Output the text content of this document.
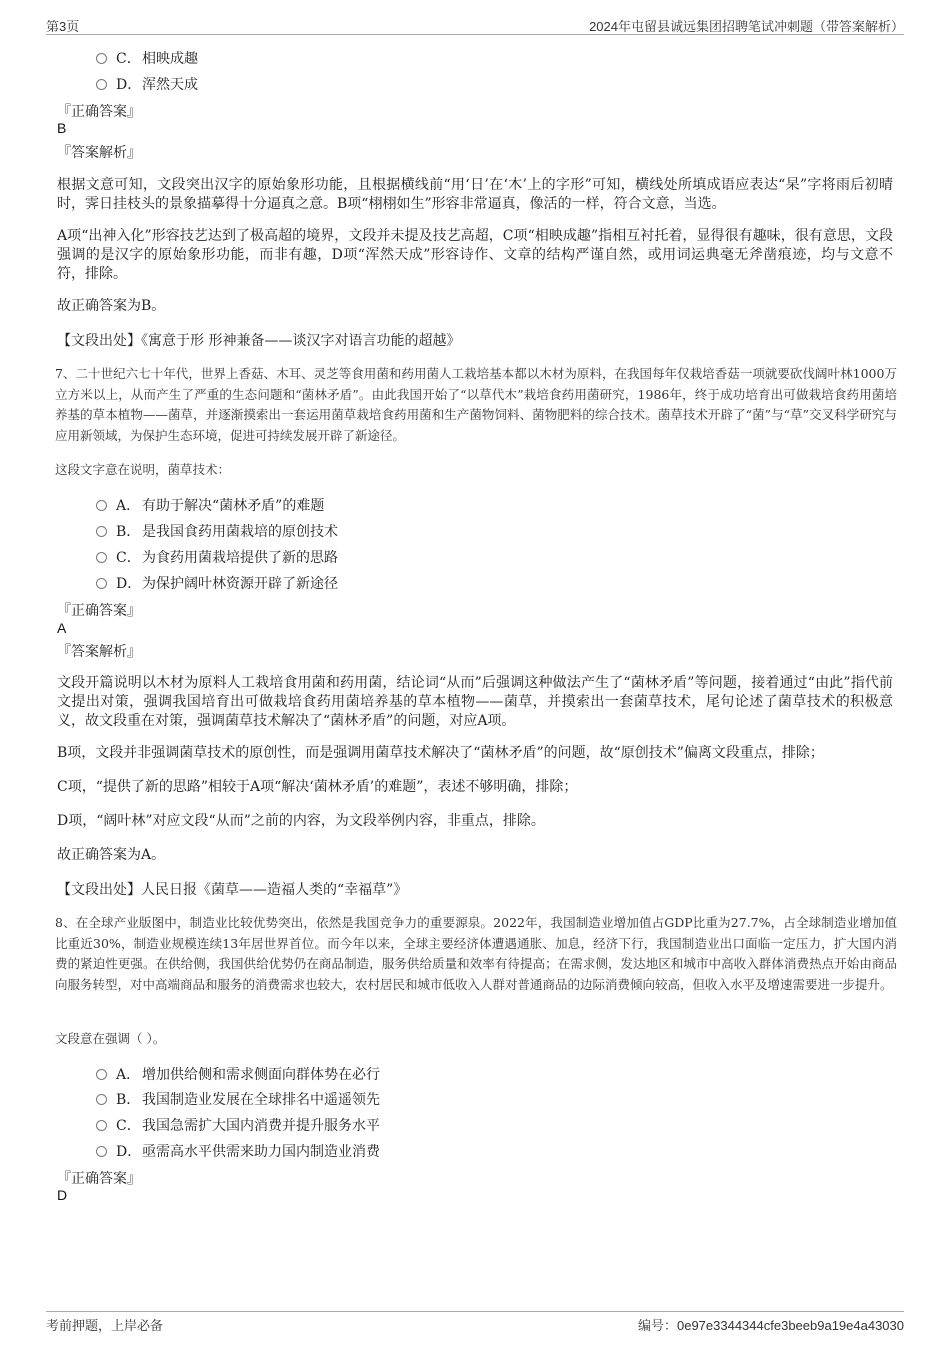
第3页	2024年屯留县诚远集团招聘笔试冲刺题（带答案解析）
C．相映成趣
D．浑然天成
『正确答案』
B
『答案解析』
根据文意可知，文段突出汉字的原始象形功能，且根据横线前“用‘日’在‘木’上的字形”可知，横线处所填成语应表达“杲”字将雨后初晴时，霁日挂枝头的景象描摹得十分逼真之意。B项“栩栩如生”形容非常逼真，像活的一样，符合文意，当选。
A项“出神入化”形容技艺达到了极高超的境界，文段并未提及技艺高超，C项“相映成趣”指相互衬托着，显得很有趣味，很有意思，文段强调的是汉字的原始象形功能，而非有趣，D项“浑然天成”形容诗作、文章的结构严谨自然，或用词运典毫无斧凿痕迹，均与文意不符，排除。
故正确答案为B。
【文段出处】《寓意于形 形神兼备——谈汉字对语言功能的超越》
7、二十世纪六七十年代，世界上香菇、木耳、灵芝等食用菌和药用菌人工栽培基本都以木材为原料，在我国每年仅栽培香菇一项就要砍伐阔叶林1000万立方米以上，从而产生了严重的生态问题和“菌林矛盾”。由此我国开始了“以草代木”栽培食药用菌研究，1986年，终于成功培育出可做栽培食药用菌培养基的草本植物——菌草，并逐渐摸索出一套运用菌草栽培食药用菌和生产菌物饲料、菌物肥料的综合技术。菌草技术开辟了“菌”与“草”交叉科学研究与应用新领域，为保护生态环境，促进可持续发展开辟了新途径。
这段文字意在说明，菌草技术：
A． 有助于解决“菌林矛盾”的难题
B． 是我国食药用菌栽培的原创技术
C．为食药用菌栽培提供了新的思路
D．为保护阔叶林资源开辟了新途径
『正确答案』
A
『答案解析』
文段开篇说明以木材为原料人工栽培食用菌和药用菌，结论词“从而”后强调这种做法产生了“菌林矛盾”等问题，接着通过“由此”指代前文提出对策，强调我国培育出可做栽培食药用菌培养基的草本植物——菌草，并摸索出一套菌草技术，尾句论述了菌草技术的积极意义，故文段重在对策，强调菌草技术解决了“菌林矛盾”的问题，对应A项。
B项，文段并非强调菌草技术的原创性，而是强调用菌草技术解决了“菌林矛盾”的问题，故“原创技术”偏离文段重点，排除；
C项，“提供了新的思路”相较于A项“解决‘菌林矛盾’的难题”，表述不够明确，排除；
D项，“阔叶林”对应文段“从而”之前的内容，为文段举例内容，非重点，排除。
故正确答案为A。
【文段出处】人民日报《菌草——造福人类的“幸福草”》
8、在全球产业版图中，制造业比较优势突出，依然是我国竞争力的重要源泉。2022年，我国制造业增加值占GDP比重为27.7%，占全球制造业增加值比重近30%，制造业规模连续13年居世界首位。而今年以来，全球主要经济体遭遇通胀、加息，经济下行，我国制造业出口面临一定压力，扩大国内消费的紧迫性更强。在供给侧，我国供给优势仍在商品制造，服务供给质量和效率有待提高；在需求侧，发达地区和城市中高收入群体消费热点开始由商品向服务转型，对中高端商品和服务的消费需求也较大，农村居民和城市低收入人群对普通商品的边际消费倾向较高，但收入水平及增速需要进一步提升。
文段意在强调（ ）。
A． 增加供给侧和需求侧面向群体势在必行
B． 我国制造业发展在全球排名中遥遥领先
C．我国急需扩大国内消费并提升服务水平
D．亟需高水平供需来助力国内制造业消费
『正确答案』
D
考前押题，上岸必备	编号：0e97e3344344cfe3beeb9a19e4a43030
